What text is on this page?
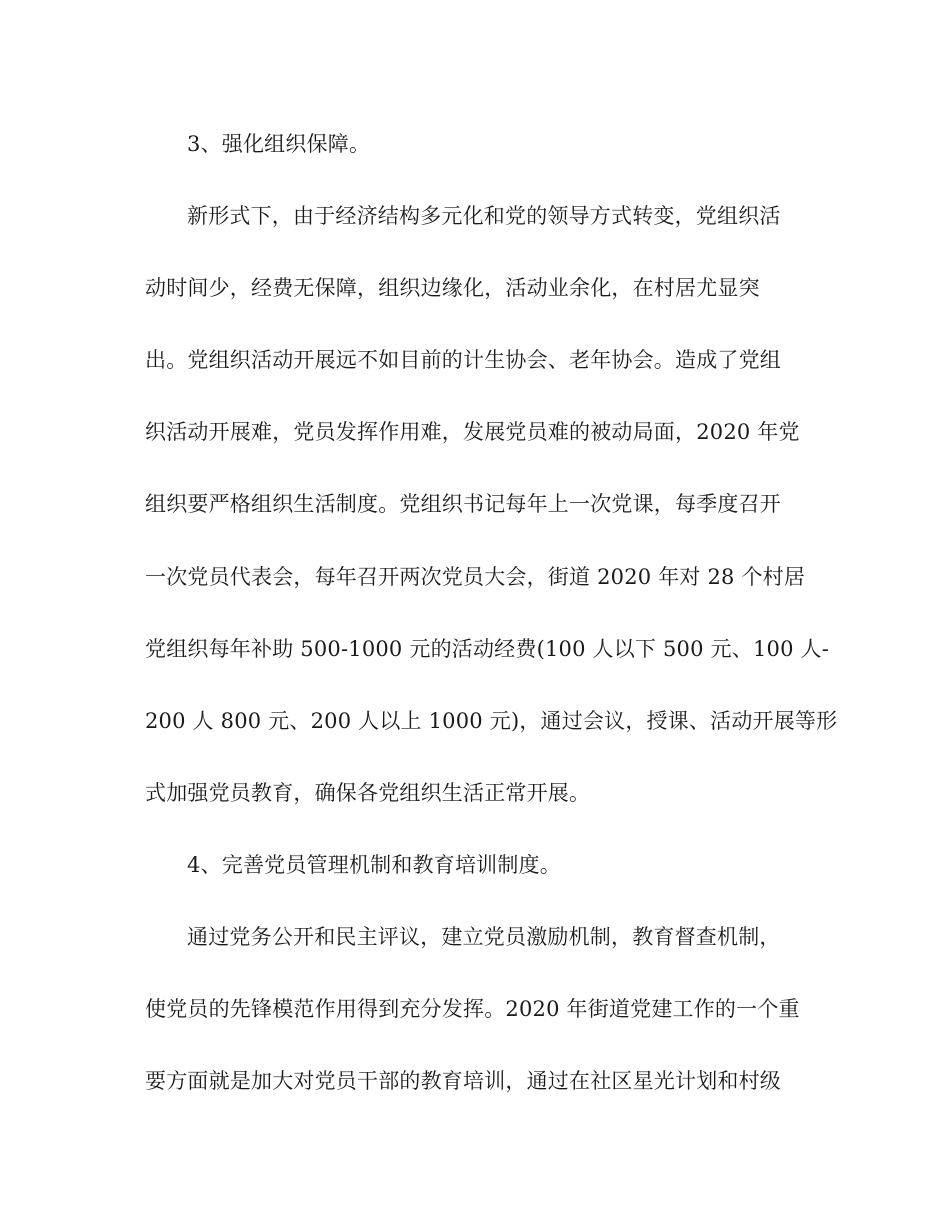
3、强化组织保障。
新形式下，由于经济结构多元化和党的领导方式转变，党组织活
动时间少，经费无保障，组织边缘化，活动业余化，在村居尤显突
出。党组织活动开展远不如目前的计生协会、老年协会。造成了党组
织活动开展难，党员发挥作用难，发展党员难的被动局面，2020 年党
组织要严格组织生活制度。党组织书记每年上一次党课，每季度召开
一次党员代表会，每年召开两次党员大会，街道 2020 年对 28 个村居
党组织每年补助 500-1000 元的活动经费(100 人以下 500 元、100 人-
200 人 800 元、200 人以上 1000 元)，通过会议，授课、活动开展等形
式加强党员教育，确保各党组织生活正常开展。
4、完善党员管理机制和教育培训制度。
通过党务公开和民主评议，建立党员激励机制，教育督查机制，
使党员的先锋模范作用得到充分发挥。2020 年街道党建工作的一个重
要方面就是加大对党员干部的教育培训，通过在社区星光计划和村级
